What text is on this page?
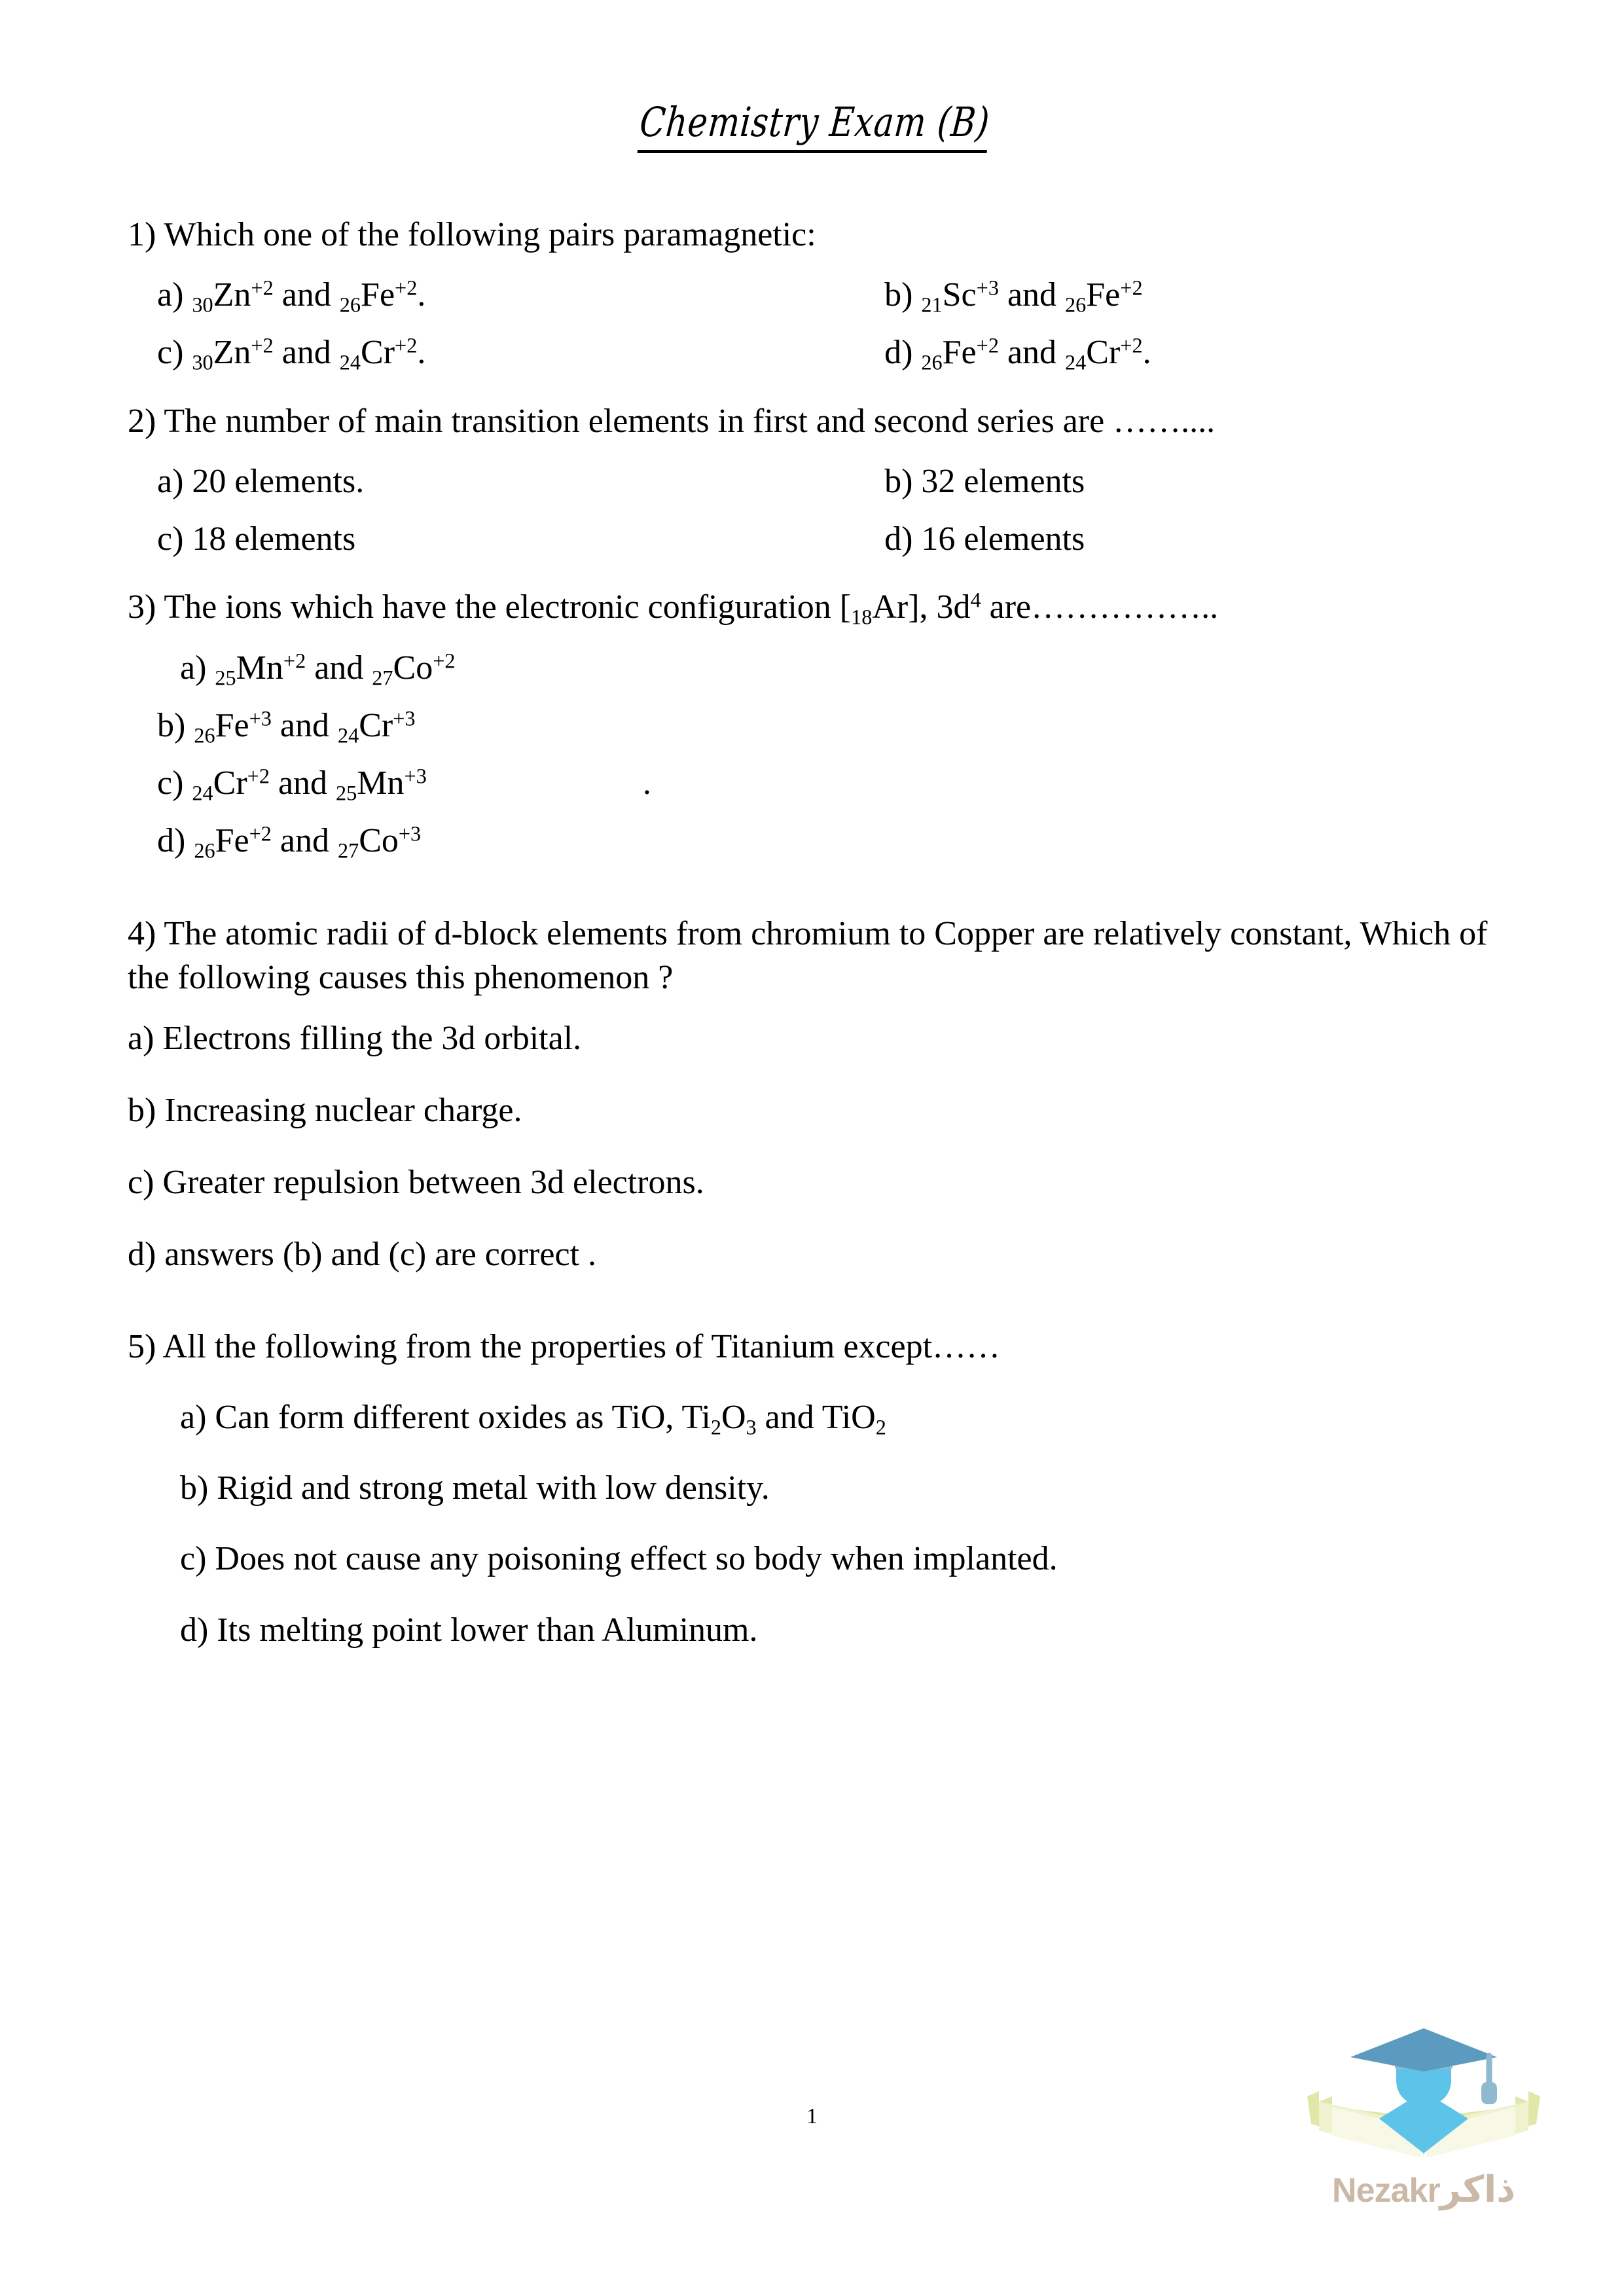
Chemistry Exam (B)
1) Which one of the following pairs paramagnetic:
a) $_{30}Zn^{+2}$ and $_{26}Fe^{+2}$.	b) $_{21}Sc^{+3}$ and $_{26}Fe^{+2}$
c) $_{30}Zn^{+2}$ and $_{24}Cr^{+2}$.	d) $_{26}Fe^{+2}$ and $_{24}Cr^{+2}$.
2) The number of main transition elements in first and second series are ……....
a) 20 elements.	b) 32 elements
c) 18 elements	d) 16 elements
3) The ions which have the electronic configuration $[_{18}Ar]$, $3d^4$ are……………..
a) $_{25}Mn^{+2}$ and $_{27}Co^{+2}$
b) $_{26}Fe^{+3}$ and $_{24}Cr^{+3}$
c) $_{24}Cr^{+2}$ and $_{25}Mn^{+3}$	.
d) $_{26}Fe^{+2}$ and $_{27}Co^{+3}$
4) The atomic radii of d-block elements from chromium to Copper are relatively constant, Which of the following causes this phenomenon ?
a) Electrons filling the 3d orbital.
b) Increasing nuclear charge.
c) Greater repulsion between 3d electrons.
d) answers (b) and (c) are correct .
5) All the following from the properties of Titanium except……
a) Can form different oxides as TiO, $Ti_2O_3$ and TiO$_2$
b) Rigid and strong metal with low density.
c) Does not cause any poisoning effect so body when implanted.
d) Its melting point lower than Aluminum.
1
Nezakrذاكر
